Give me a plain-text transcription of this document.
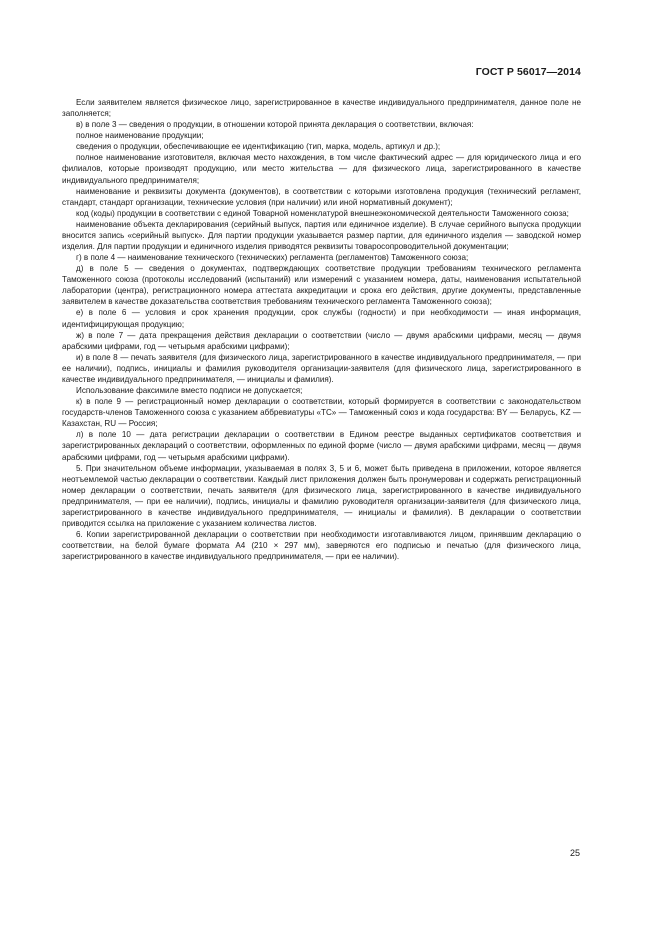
ГОСТ Р 56017—2014

Если заявителем является физическое лицо, зарегистрированное в качестве индивидуального предпринимателя, данное поле не заполняется;

в) в поле 3 — сведения о продукции, в отношении которой принята декларация о соответствии, включая:

полное наименование продукции;

сведения о продукции, обеспечивающие ее идентификацию (тип, марка, модель, артикул и др.);

полное наименование изготовителя, включая место нахождения, в том числе фактический адрес — для юридического лица и его филиалов, которые производят продукцию, или место жительства — для физического лица, зарегистрированного в качестве индивидуального предпринимателя;

наименование и реквизиты документа (документов), в соответствии с которыми изготовлена продукция (технический регламент, стандарт, стандарт организации, технические условия (при наличии) или иной нормативный документ);

код (коды) продукции в соответствии с единой Товарной номенклатурой внешнеэкономической деятельности Таможенного союза;

наименование объекта декларирования (серийный выпуск, партия или единичное изделие). В случае серийного выпуска продукции вносится запись «серийный выпуск». Для партии продукции указывается размер партии, для единичного изделия — заводской номер изделия. Для партии продукции и единичного изделия приводятся реквизиты товаросопроводительной документации;

г) в поле 4 — наименование технического (технических) регламента (регламентов) Таможенного союза;

д) в поле 5 — сведения о документах, подтверждающих соответствие продукции требованиям технического регламента Таможенного союза (протоколы исследований (испытаний) или измерений с указанием номера, даты, наименования испытательной лаборатории (центра), регистрационного номера аттестата аккредитации и срока его действия, другие документы, представленные заявителем в качестве доказательства соответствия требованиям технического регламента Таможенного союза);

е) в поле 6 — условия и срок хранения продукции, срок службы (годности) и при необходимости — иная информация, идентифицирующая продукцию;

ж) в поле 7 — дата прекращения действия декларации о соответствии (число — двумя арабскими цифрами, месяц — двумя арабскими цифрами, год — четырьмя арабскими цифрами);

и) в поле 8 — печать заявителя (для физического лица, зарегистрированного в качестве индивидуального предпринимателя, — при ее наличии), подпись, инициалы и фамилия руководителя организации-заявителя (для физического лица, зарегистрированного в качестве индивидуального предпринимателя, — инициалы и фамилия).

Использование факсимиле вместо подписи не допускается;

к) в поле 9 — регистрационный номер декларации о соответствии, который формируется в соответствии с законодательством государств-членов Таможенного союза с указанием аббревиатуры «ТС» — Таможенный союз и кода государства: BY — Беларусь, KZ — Казахстан, RU — Россия;

л) в поле 10 — дата регистрации декларации о соответствии в Едином реестре выданных сертификатов соответствия и зарегистрированных деклараций о соответствии, оформленных по единой форме (число — двумя арабскими цифрами, месяц — двумя арабскими цифрами, год — четырьмя арабскими цифрами).

5. При значительном объеме информации, указываемая в полях 3, 5 и 6, может быть приведена в приложении, которое является неотъемлемой частью декларации о соответствии. Каждый лист приложения должен быть пронумерован и содержать регистрационный номер декларации о соответствии, печать заявителя (для физического лица, зарегистрированного в качестве индивидуального предпринимателя, — при ее наличии), подпись, инициалы и фамилию руководителя организации-заявителя (для физического лица, зарегистрированного в качестве индивидуального предпринимателя, — инициалы и фамилия). В декларации о соответствии приводится ссылка на приложение с указанием количества листов.

6. Копии зарегистрированной декларации о соответствии при необходимости изготавливаются лицом, принявшим декларацию о соответствии, на белой бумаге формата А4 (210 × 297 мм), заверяются его подписью и печатью (для физического лица, зарегистрированного в качестве индивидуального предпринимателя, — при ее наличии).

25
